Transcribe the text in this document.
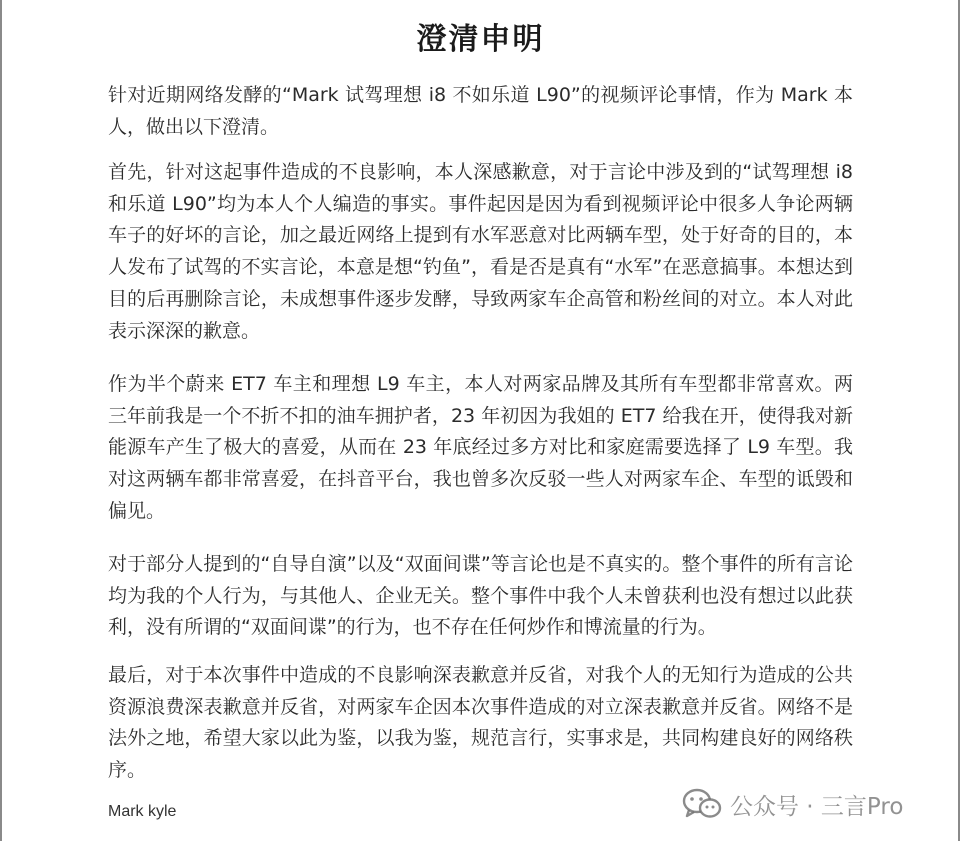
澄清申明

针对近期网络发酵的“Mark 试驾理想 i8 不如乐道 L90”的视频评论事情，作为 Mark 本人，做出以下澄清。

首先，针对这起事件造成的不良影响，本人深感歉意，对于言论中涉及到的“试驾理想 i8 和乐道 L90”均为本人个人编造的事实。事件起因是因为看到视频评论中很多人争论两辆车子的好坏的言论，加之最近网络上提到有水军恶意对比两辆车型，处于好奇的目的，本人发布了试驾的不实言论，本意是想“钓鱼”，看是否是真有“水军”在恶意搞事。本想达到目的后再删除言论，未成想事件逐步发酵，导致两家车企高管和粉丝间的对立。本人对此表示深深的歉意。

作为半个蔚来 ET7 车主和理想 L9 车主，本人对两家品牌及其所有车型都非常喜欢。两三年前我是一个不折不扣的油车拥护者，23 年初因为我姐的 ET7 给我在开，使得我对新能源车产生了极大的喜爱，从而在 23 年底经过多方对比和家庭需要选择了 L9 车型。我对这两辆车都非常喜爱，在抖音平台，我也曾多次反驳一些人对两家车企、车型的诋毁和偏见。

对于部分人提到的“自导自演”以及“双面间谍”等言论也是不真实的。整个事件的所有言论均为我的个人行为，与其他人、企业无关。整个事件中我个人未曾获利也没有想过以此获利，没有所谓的“双面间谍”的行为，也不存在任何炒作和博流量的行为。

最后，对于本次事件中造成的不良影响深表歉意并反省，对我个人的无知行为造成的公共资源浪费深表歉意并反省，对两家车企因本次事件造成的对立深表歉意并反省。网络不是法外之地，希望大家以此为鉴，以我为鉴，规范言行，实事求是，共同构建良好的网络秩序。

Mark kyle	公众号 · 三言Pro
